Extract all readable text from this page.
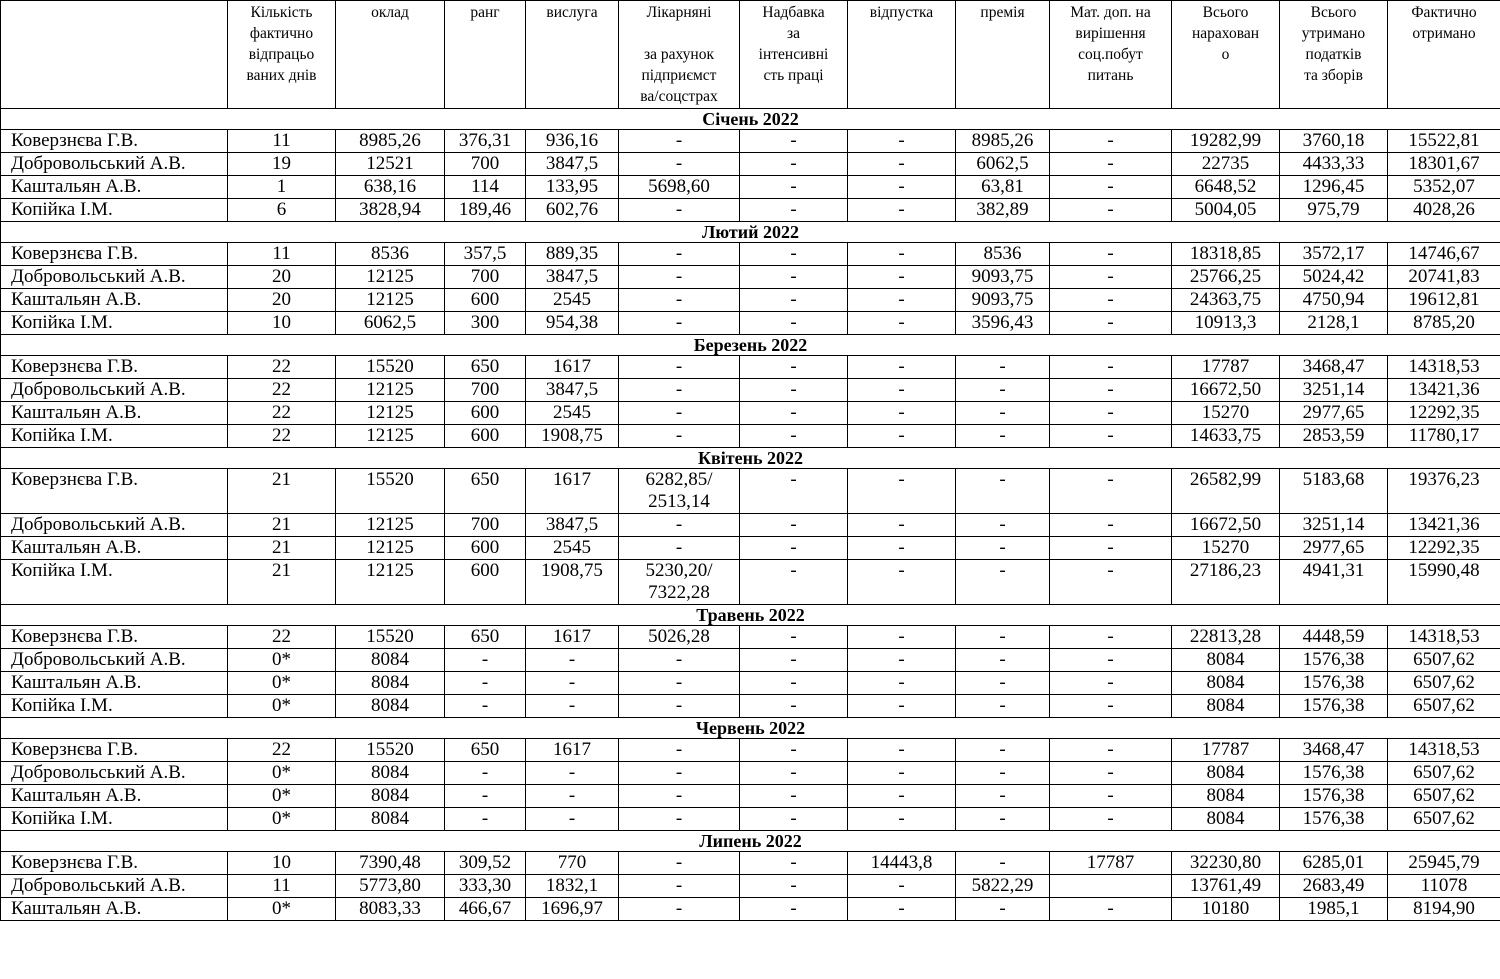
	Кількість
фактично
відпрацьо
ваних днів	оклад	ранг	вислуга	Лікарняні

за рахунок
підприємст
ва/соцстрах	Надбавка
за
інтенсивні
сть праці	відпустка	премія	Мат. доп. на
вирішення
соц.побут
питань	Всього
нарахован
о	Всього
утримано
податків
та зборів	Фактично
отримано
Січень 2022												
Коверзнєва Г.В.	11	8985,26	376,31	936,16	-	-	-	8985,26	-	19282,99	3760,18	15522,81
Добровольський А.В.	19	12521	700	3847,5	-	-	-	6062,5	-	22735	4433,33	18301,67
Каштальян А.В.	1	638,16	114	133,95	5698,60	-	-	63,81	-	6648,52	1296,45	5352,07
Копійка І.М.	6	3828,94	189,46	602,76	-	-	-	382,89	-	5004,05	975,79	4028,26
Лютий 2022												
Коверзнєва Г.В.	11	8536	357,5	889,35	-	-	-	8536	-	18318,85	3572,17	14746,67
Добровольський А.В.	20	12125	700	3847,5	-	-	-	9093,75	-	25766,25	5024,42	20741,83
Каштальян А.В.	20	12125	600	2545	-	-	-	9093,75	-	24363,75	4750,94	19612,81
Копійка І.М.	10	6062,5	300	954,38	-	-	-	3596,43	-	10913,3	2128,1	8785,20
Березень 2022												
Коверзнєва Г.В.	22	15520	650	1617	-	-	-	-	-	17787	3468,47	14318,53
Добровольський А.В.	22	12125	700	3847,5	-	-	-	-	-	16672,50	3251,14	13421,36
Каштальян А.В.	22	12125	600	2545	-	-	-	-	-	15270	2977,65	12292,35
Копійка І.М.	22	12125	600	1908,75	-	-	-	-	-	14633,75	2853,59	11780,17
Квітень 2022												
Коверзнєва Г.В.	21	15520	650	1617	6282,85/
2513,14	-	-	-	-	26582,99	5183,68	19376,23
Добровольський А.В.	21	12125	700	3847,5	-	-	-	-	-	16672,50	3251,14	13421,36
Каштальян А.В.	21	12125	600	2545	-	-	-	-	-	15270	2977,65	12292,35
Копійка І.М.	21	12125	600	1908,75	5230,20/
7322,28	-	-	-	-	27186,23	4941,31	15990,48
Травень 2022												
Коверзнєва Г.В.	22	15520	650	1617	5026,28	-	-	-	-	22813,28	4448,59	14318,53
Добровольський А.В.	0*	8084	-	-	-	-	-	-	-	8084	1576,38	6507,62
Каштальян А.В.	0*	8084	-	-	-	-	-	-	-	8084	1576,38	6507,62
Копійка І.М.	0*	8084	-	-	-	-	-	-	-	8084	1576,38	6507,62
Червень 2022												
Коверзнєва Г.В.	22	15520	650	1617	-	-	-	-	-	17787	3468,47	14318,53
Добровольський А.В.	0*	8084	-	-	-	-	-	-	-	8084	1576,38	6507,62
Каштальян А.В.	0*	8084	-	-	-	-	-	-	-	8084	1576,38	6507,62
Копійка І.М.	0*	8084	-	-	-	-	-	-	-	8084	1576,38	6507,62
Липень 2022												
Коверзнєва Г.В.	10	7390,48	309,52	770	-	-	14443,8	-	17787	32230,80	6285,01	25945,79
Добровольський А.В.	11	5773,80	333,30	1832,1	-	-	-	5822,29		13761,49	2683,49	11078
Каштальян А.В.	0*	8083,33	466,67	1696,97	-	-	-	-	-	10180	1985,1	8194,90
